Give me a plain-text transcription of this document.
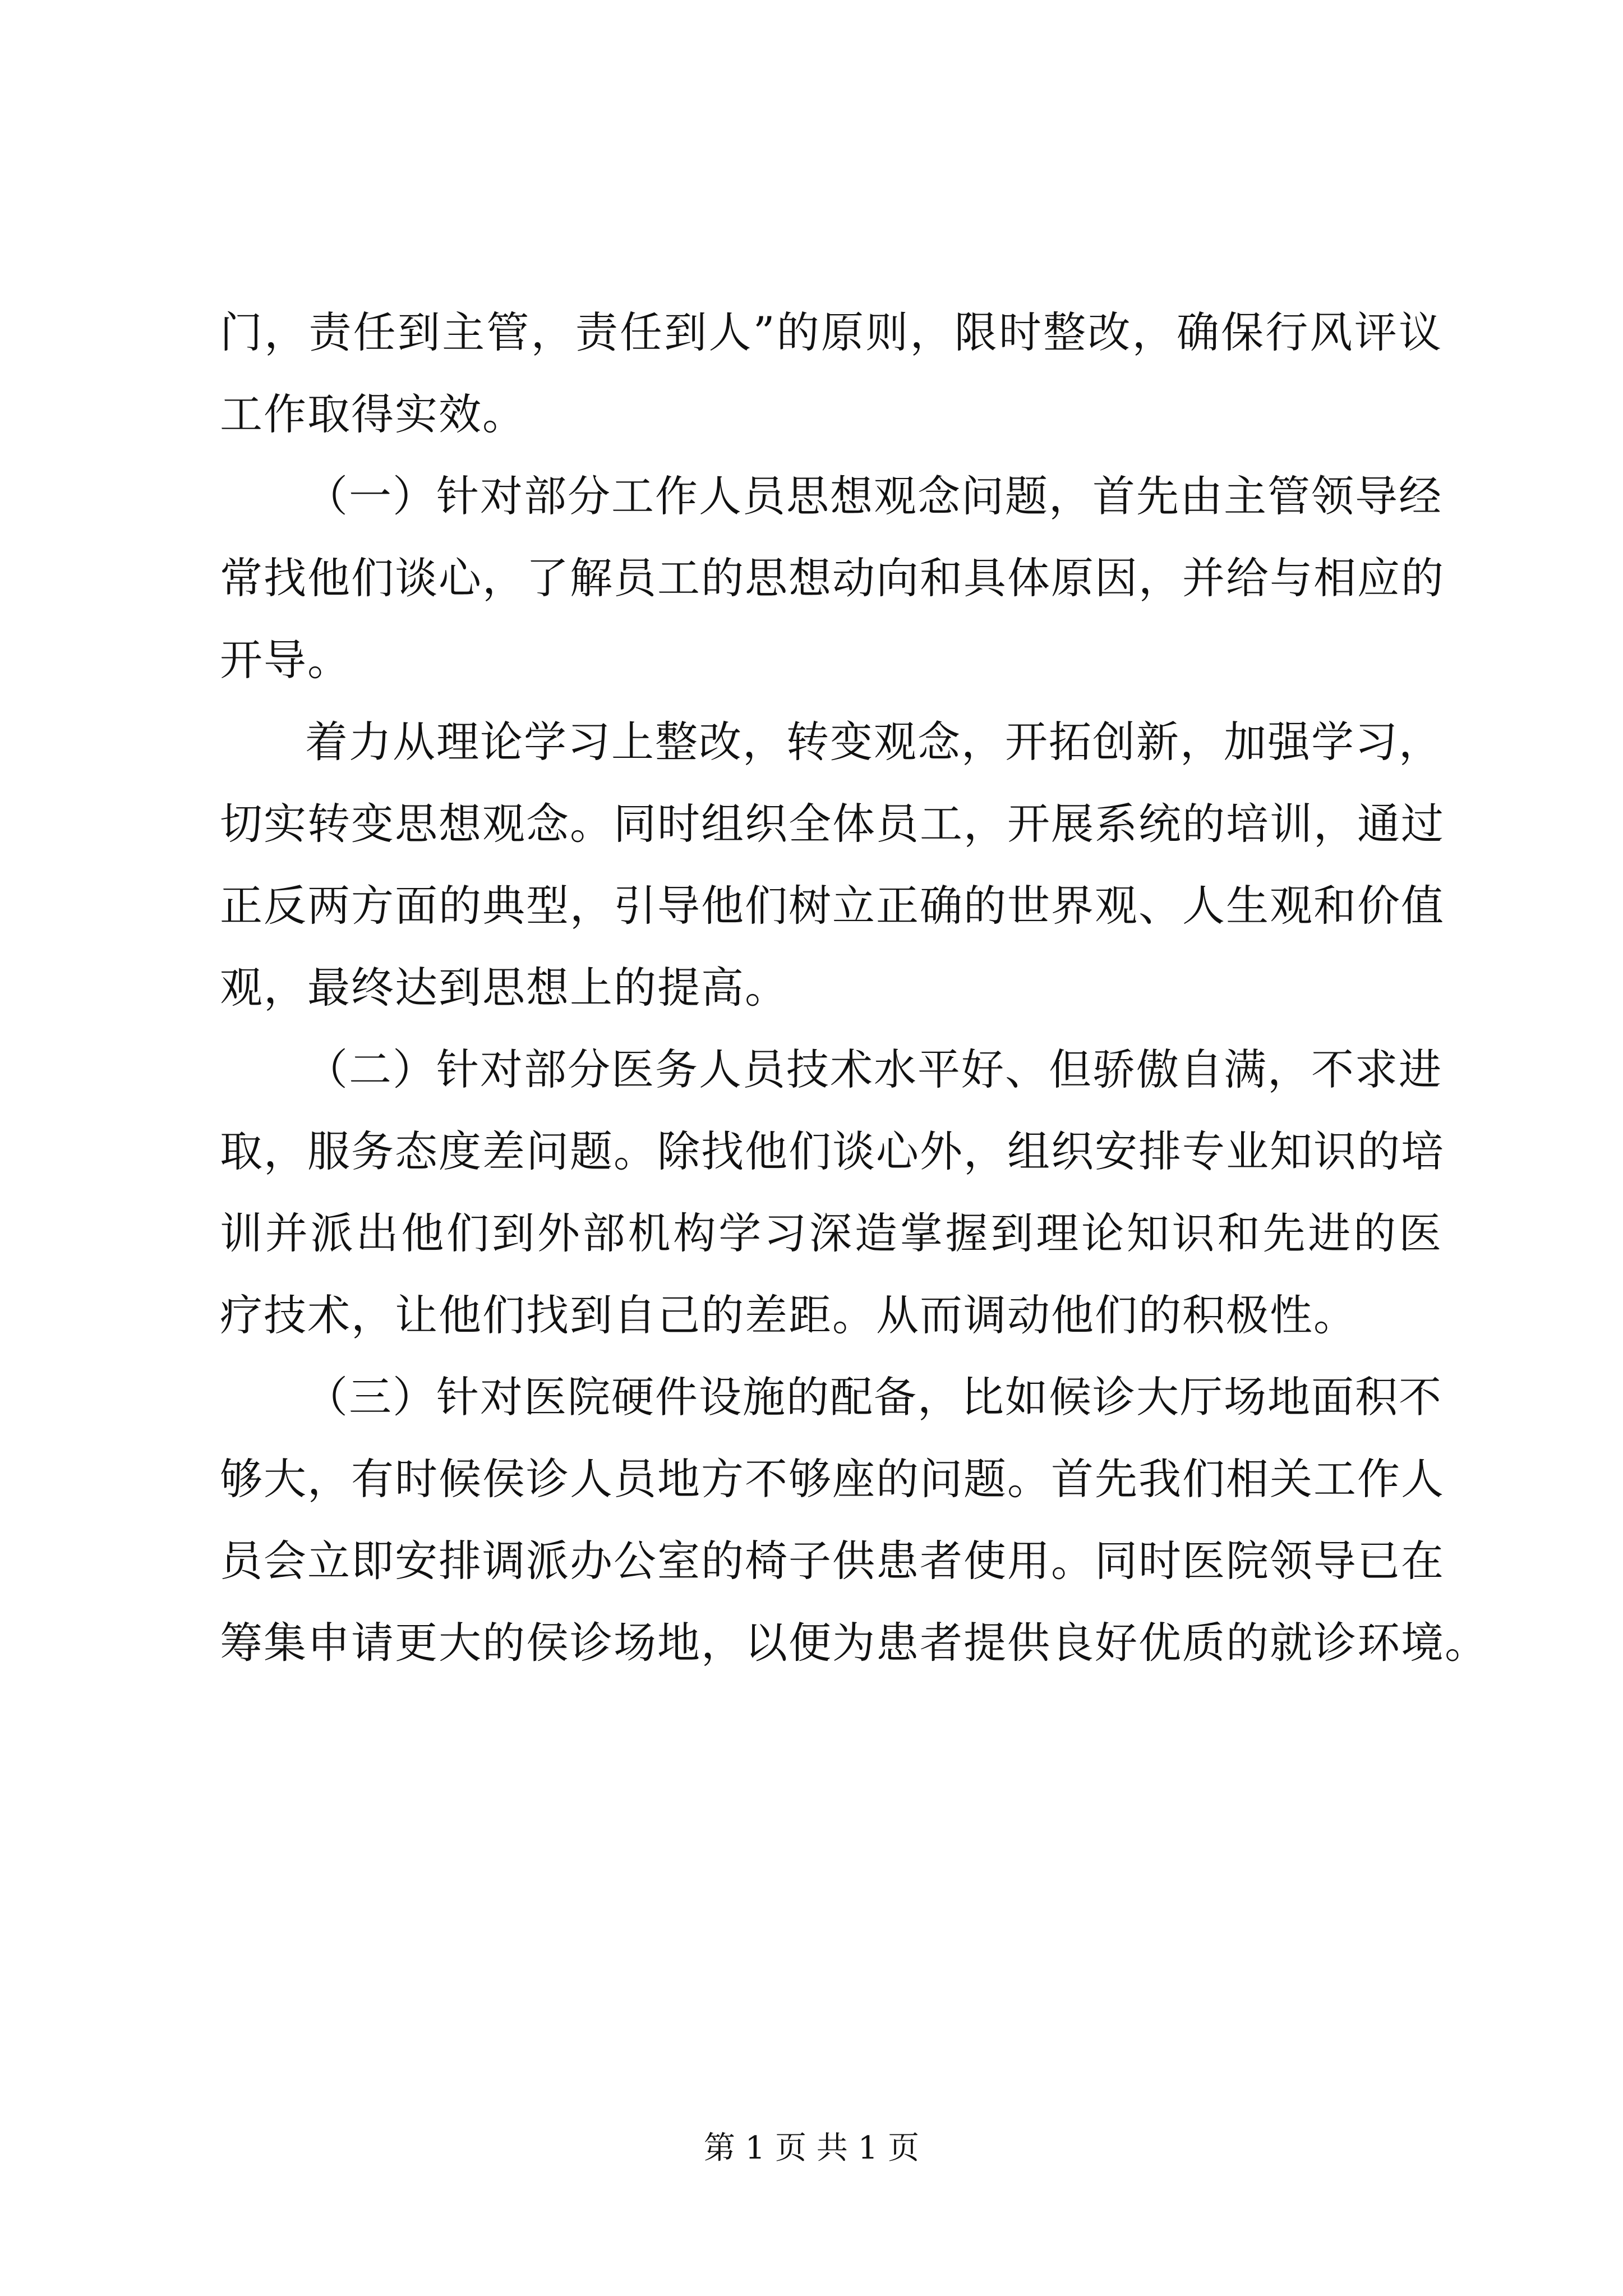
门，责任到主管，责任到人”的原则，限时整改，确保行风评议
工作取得实效。
（一）针对部分工作人员思想观念问题，首先由主管领导经
常找他们谈心，了解员工的思想动向和具体原因，并给与相应的
开导。
着力从理论学习上整改，转变观念，开拓创新，加强学习，
切实转变思想观念。同时组织全体员工，开展系统的培训，通过
正反两方面的典型，引导他们树立正确的世界观、人生观和价值
观，最终达到思想上的提高。
（二）针对部分医务人员技术水平好、但骄傲自满，不求进
取，服务态度差问题。除找他们谈心外，组织安排专业知识的培
训并派出他们到外部机构学习深造掌握到理论知识和先进的医
疗技术，让他们找到自己的差距。从而调动他们的积极性。
（三）针对医院硬件设施的配备，比如候诊大厅场地面积不
够大，有时候侯诊人员地方不够座的问题。首先我们相关工作人
员会立即安排调派办公室的椅子供患者使用。同时医院领导已在
筹集申请更大的侯诊场地，以便为患者提供良好优质的就诊环境。
第 1 页 共 1 页
